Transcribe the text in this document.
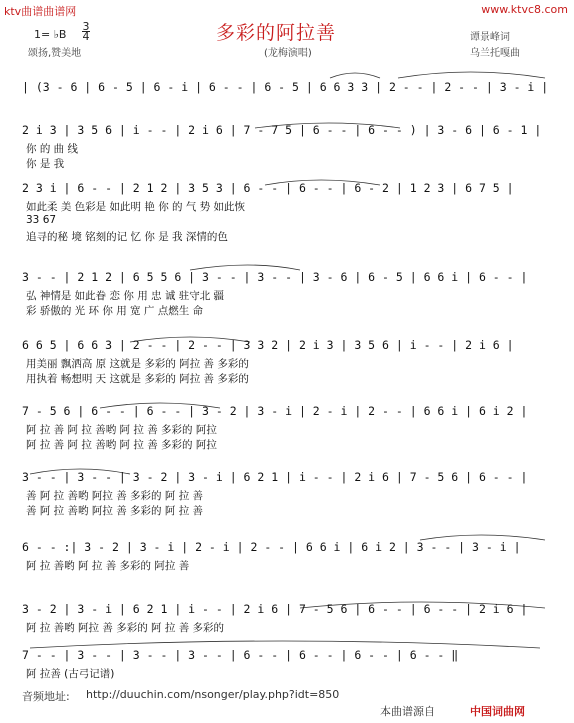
ktv曲谱曲谱网	www.ktvc8.com
1= ♭B
3
4
颂扬,赞美地
多彩的阿拉善
(龙梅演唱)
谭景峰词
乌兰托嘎曲
| (3 - 6 | 6 - 5 | 6 - i | 6 - - | 6 - 5 | 6 6 3 3 | 2 - - | 2 - - | 3 - i |
2 i 3 | 3 5 6 | i - - | 2 i 6 | 7 - 7 5 | 6 - - | 6 - - ) | 3 - 6 | 6 - 1 |
你 的 曲 线
你 是 我
2 3 i | 6 - - | 2 1 2 | 3 5 3 | 6 - - | 6 - - | 6 - 2 | 1 2 3 | 6 7 5 |
如此柔 美 色彩是 如此明 艳 你 的 气 势 如此恢
33 67
追寻的秘 境 铭刻的记 忆 你 是 我 深情的色
3 - - | 2 1 2 | 6 5 5 6 | 3 - - | 3 - - | 3 - 6 | 6 - 5 | 6 6 i | 6 - - |
弘 神情是 如此眷 恋 你 用 忠 诚 驻守北 疆
彩 骄傲的 光 环 你 用 宽 广 点燃生 命
6 6 5 | 6 6 3 | 2 - - | 2 - - | 3 3 2 | 2 i 3 | 3 5 6 | i - - | 2 i 6 |
用美丽 飘洒高 原 这就是 多彩的 阿拉 善 多彩的
用执着 畅想明 天 这就是 多彩的 阿拉 善 多彩的
7 - 5 6 | 6 - - | 6 - - | 3 - 2 | 3 - i | 2 - i | 2 - - | 6 6 i | 6 i 2 |
阿 拉 善 阿 拉 善哟 阿 拉 善 多彩的 阿拉
阿 拉 善 阿 拉 善哟 阿 拉 善 多彩的 阿拉
3 - - | 3 - - | 3 - 2 | 3 - i | 6 2 1 | i - - | 2 i 6 | 7 - 5 6 | 6 - - |
善 阿 拉 善哟 阿拉 善 多彩的 阿 拉 善
善 阿 拉 善哟 阿拉 善 多彩的 阿 拉 善
6 - - :| 3 - 2 | 3 - i | 2 - i | 2 - - | 6 6 i | 6 i 2 | 3 - - | 3 - i |
阿 拉 善哟 阿 拉 善 多彩的 阿拉 善
3 - 2 | 3 - i | 6 2 1 | i - - | 2 i 6 | 7 - 5 6 | 6 - - | 6 - - | 2 i 6 |
阿 拉 善哟 阿拉 善 多彩的 阿 拉 善 多彩的
7 - - | 3 - - | 3 - - | 3 - - | 6 - - | 6 - - | 6 - - | 6 - - ‖
阿 拉善 (古弓记谱)
音频地址: http://duuchin.com/nsonger/play.php?idt=850
本曲谱源自	中国词曲网
